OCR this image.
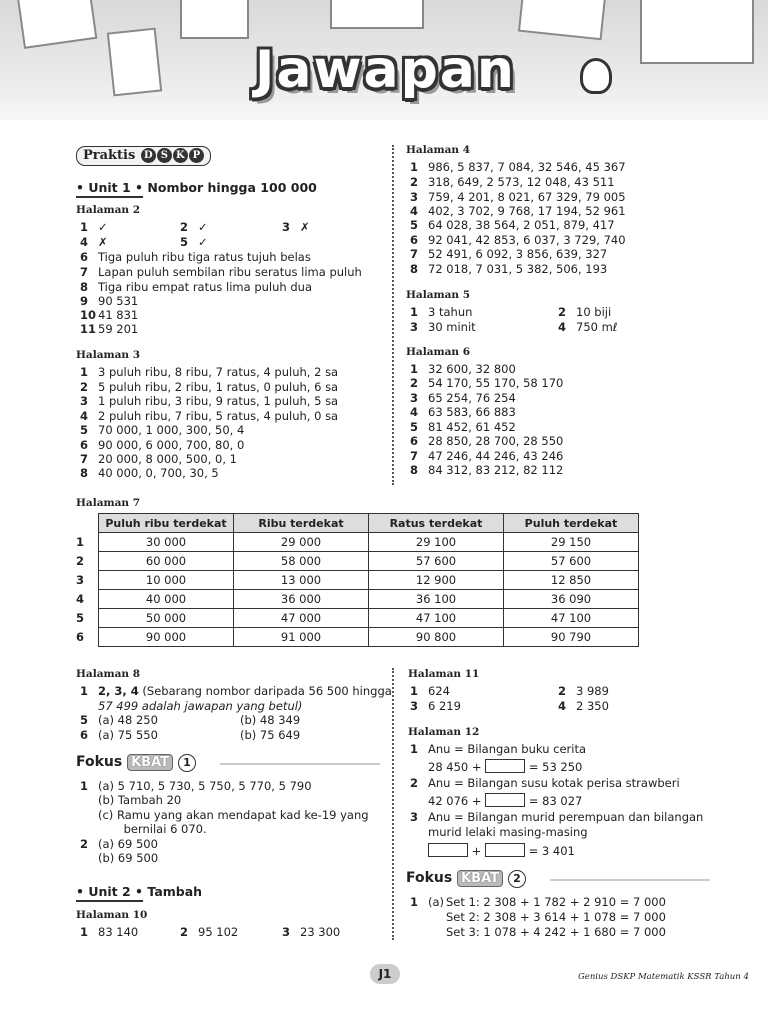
Jawapan
Praktis D S K P
• Unit 1 • Nombor hingga 100 000
Halaman 2
1 ✓	2 ✓	3 ✗
4 ✗	5 ✓
6 Tiga puluh ribu tiga ratus tujuh belas
7 Lapan puluh sembilan ribu seratus lima puluh
8 Tiga ribu empat ratus lima puluh dua
9 90 531
10 41 831
11 59 201
Halaman 3
1 3 puluh ribu, 8 ribu, 7 ratus, 4 puluh, 2 sa
2 5 puluh ribu, 2 ribu, 1 ratus, 0 puluh, 6 sa
3 1 puluh ribu, 3 ribu, 9 ratus, 1 puluh, 5 sa
4 2 puluh ribu, 7 ribu, 5 ratus, 4 puluh, 0 sa
5 70 000, 1 000, 300, 50, 4
6 90 000, 6 000, 700, 80, 0
7 20 000, 8 000, 500, 0, 1
8 40 000, 0, 700, 30, 5
Halaman 4
1 986, 5 837, 7 084, 32 546, 45 367
2 318, 649, 2 573, 12 048, 43 511
3 759, 4 201, 8 021, 67 329, 79 005
4 402, 3 702, 9 768, 17 194, 52 961
5 64 028, 38 564, 2 051, 879, 417
6 92 041, 42 853, 6 037, 3 729, 740
7 52 491, 6 092, 3 856, 639, 327
8 72 018, 7 031, 5 382, 506, 193
Halaman 5
1 3 tahun	2 10 biji
3 30 minit	4 750 mℓ
Halaman 6
1 32 600, 32 800
2 54 170, 55 170, 58 170
3 65 254, 76 254
4 63 583, 66 883
5 81 452, 61 452
6 28 850, 28 700, 28 550
7 47 246, 44 246, 43 246
8 84 312, 83 212, 82 112
Halaman 7
	Puluh ribu terdekat	Ribu terdekat	Ratus terdekat	Puluh terdekat
1	30 000	29 000	29 100	29 150
2	60 000	58 000	57 600	57 600
3	10 000	13 000	12 900	12 850
4	40 000	36 000	36 100	36 090
5	50 000	47 000	47 100	47 100
6	90 000	91 000	90 800	90 790
Halaman 8
1 2, 3, 4 (Sebarang nombor daripada 56 500 hingga
57 499 adalah jawapan yang betul)
5 (a) 48 250	(b) 48 349
6 (a) 75 550	(b) 75 649
Fokus KBAT 1
1 (a) 5 710, 5 730, 5 750, 5 770, 5 790
(b) Tambah 20
(c) Ramu yang akan mendapat kad ke-19 yang
bernilai 6 070.
2 (a) 69 500
(b) 69 500
• Unit 2 • Tambah
Halaman 10
1 83 140	2 95 102	3 23 300
Halaman 11
1 624	2 3 989
3 6 219	4 2 350
Halaman 12
1 Anu = Bilangan buku cerita
28 450 +	= 53 250
2 Anu = Bilangan susu kotak perisa strawberi
42 076 +	= 83 027
3 Anu = Bilangan murid perempuan dan bilangan
murid lelaki masing-masing
+	= 3 401
Fokus KBAT 2
1 (a) Set 1: 2 308 + 1 782 + 2 910 = 7 000
Set 2: 2 308 + 3 614 + 1 078 = 7 000
Set 3: 1 078 + 4 242 + 1 680 = 7 000
J1	Genius DSKP Matematik KSSR Tahun 4
